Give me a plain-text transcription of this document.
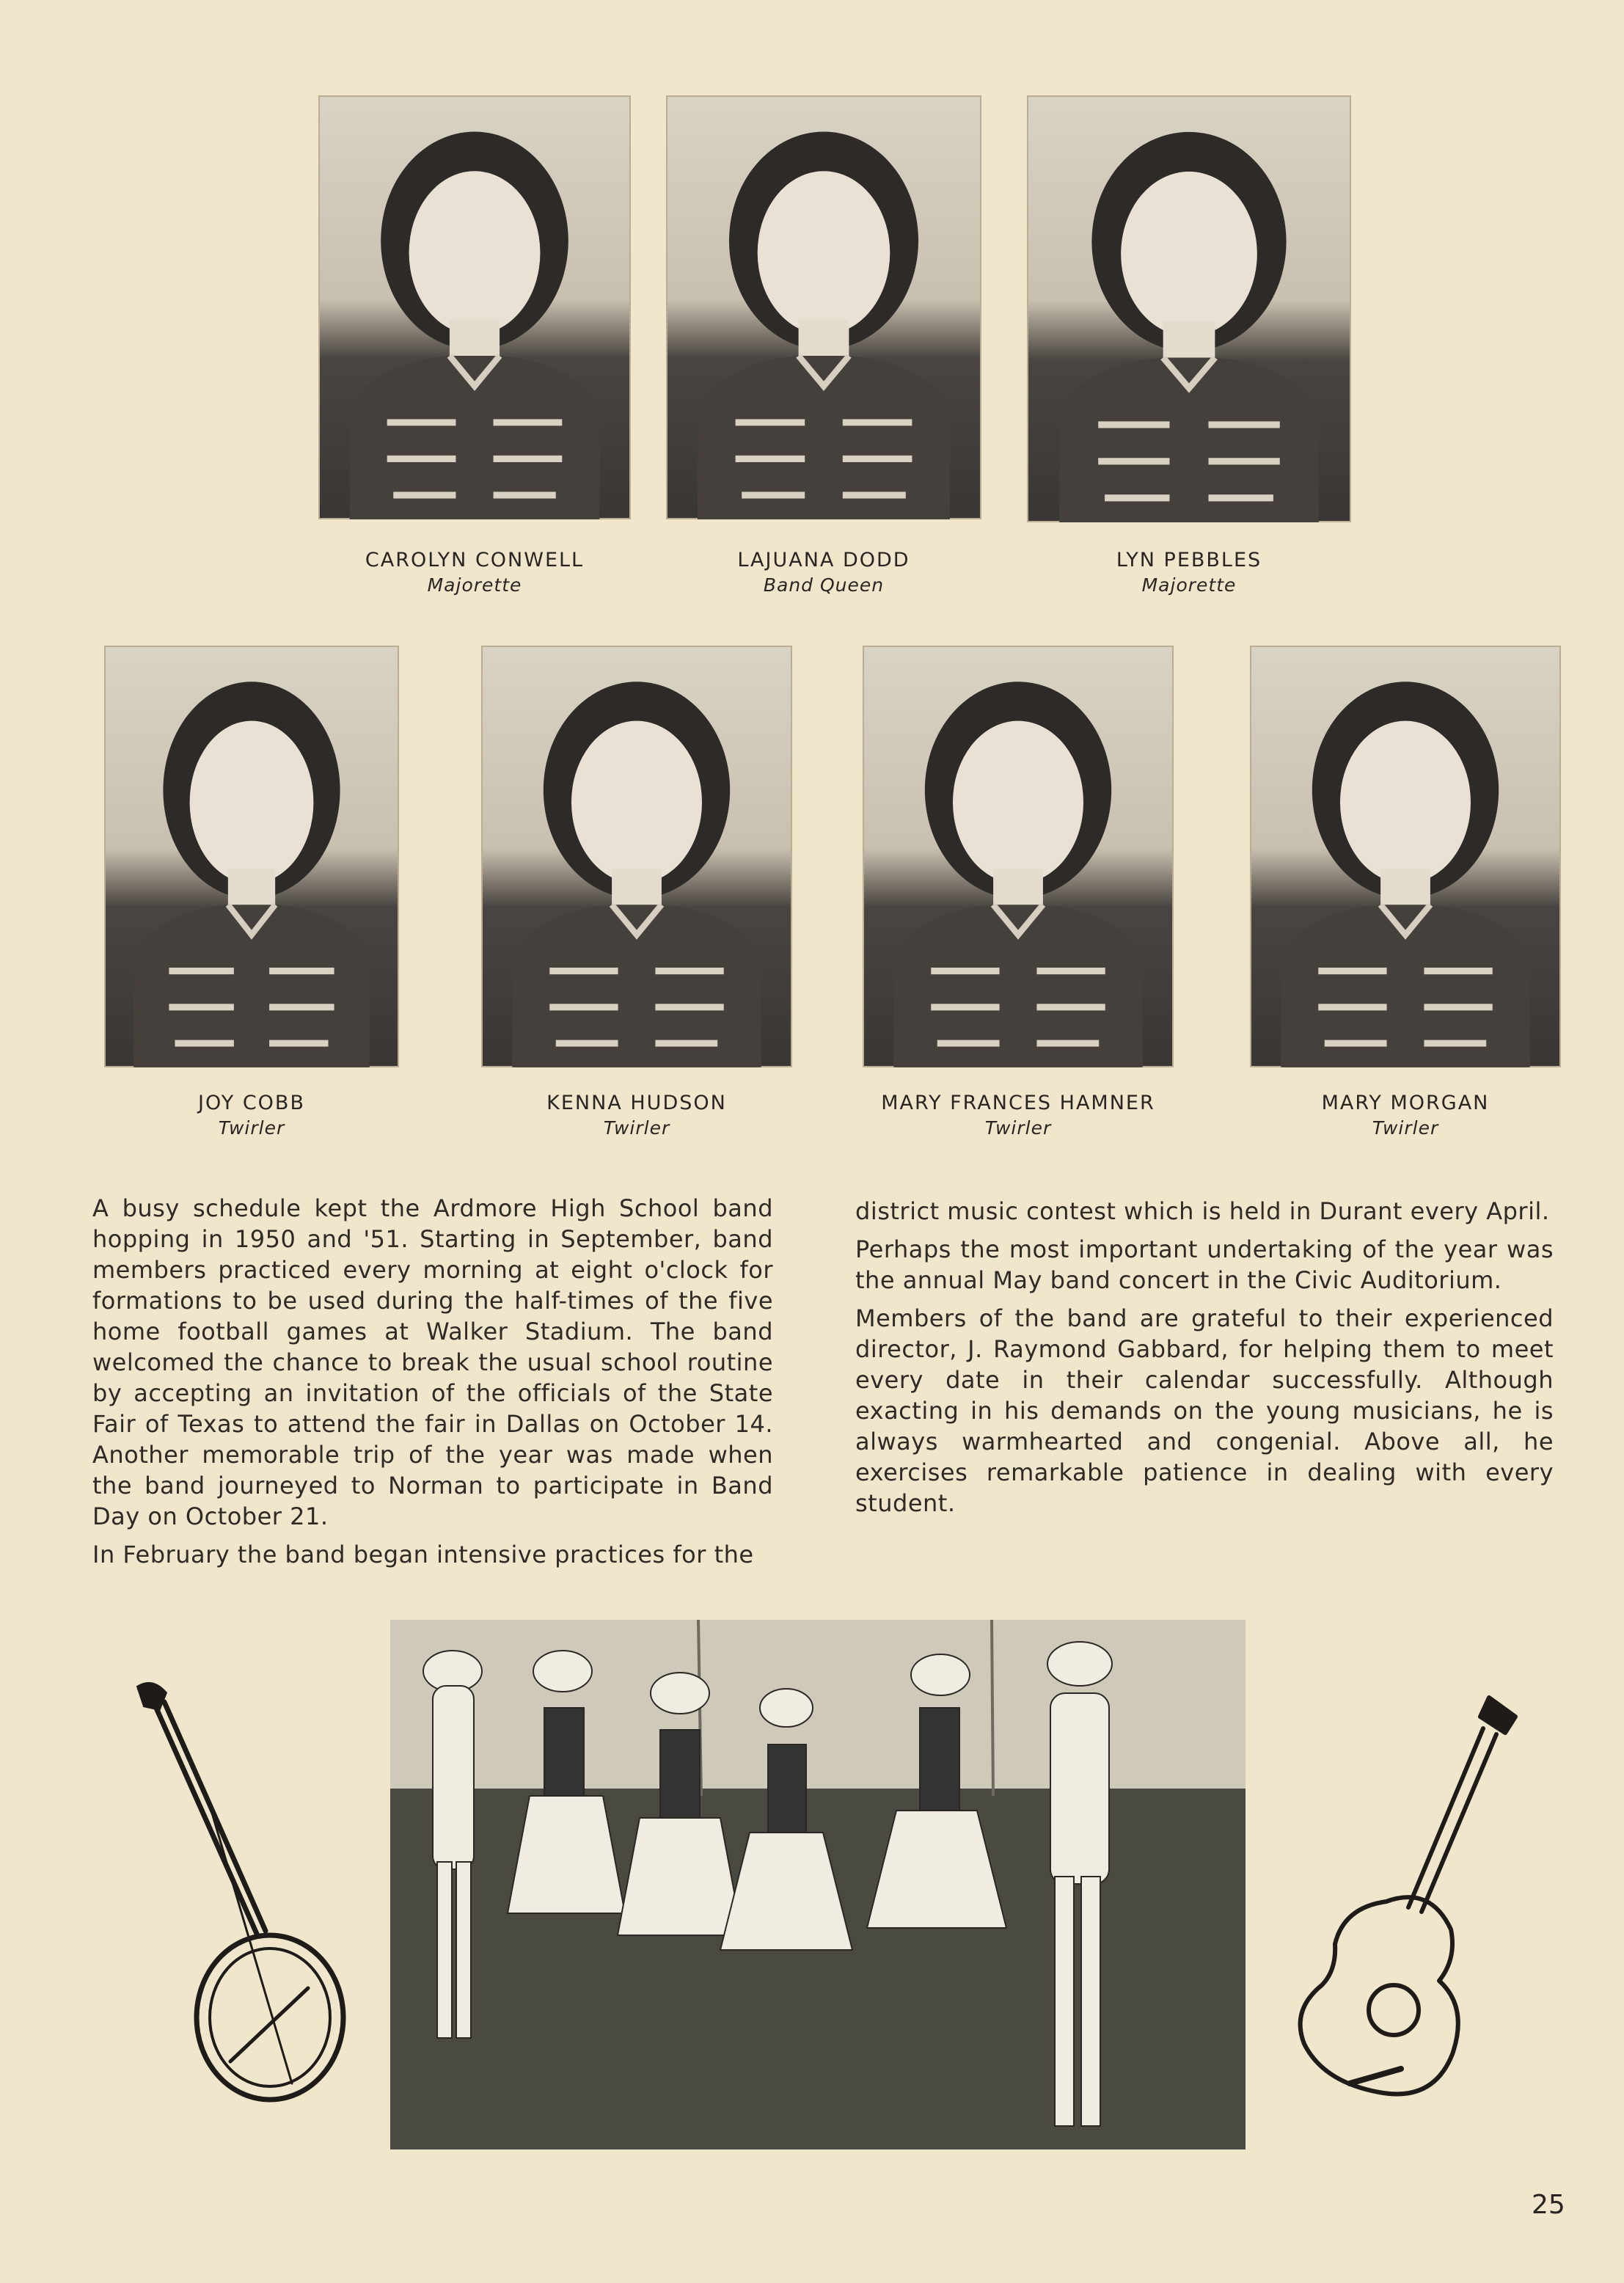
CAROLYN CONWELL
Majorette
LAJUANA DODD
Band Queen
LYN PEBBLES
Majorette
JOY COBB
Twirler
KENNA HUDSON
Twirler
MARY FRANCES HAMNER
Twirler
MARY MORGAN
Twirler

A busy schedule kept the Ardmore High School band hopping in 1950 and '51. Starting in September, band members practiced every morning at eight o'clock for formations to be used during the half-times of the five home football games at Walker Stadium. The band welcomed the chance to break the usual school routine by accepting an invitation of the officials of the State Fair of Texas to attend the fair in Dallas on October 14. Another memorable trip of the year was made when the band journeyed to Norman to participate in Band Day on October 21.

In February the band began intensive practices for the

district music contest which is held in Durant every April.

Perhaps the most important undertaking of the year was the annual May band concert in the Civic Auditorium.

Members of the band are grateful to their experienced director, J. Raymond Gabbard, for helping them to meet every date in their calendar successfully. Although exacting in his demands on the young musicians, he is always warmhearted and congenial. Above all, he exercises remarkable patience in dealing with every student.

25
